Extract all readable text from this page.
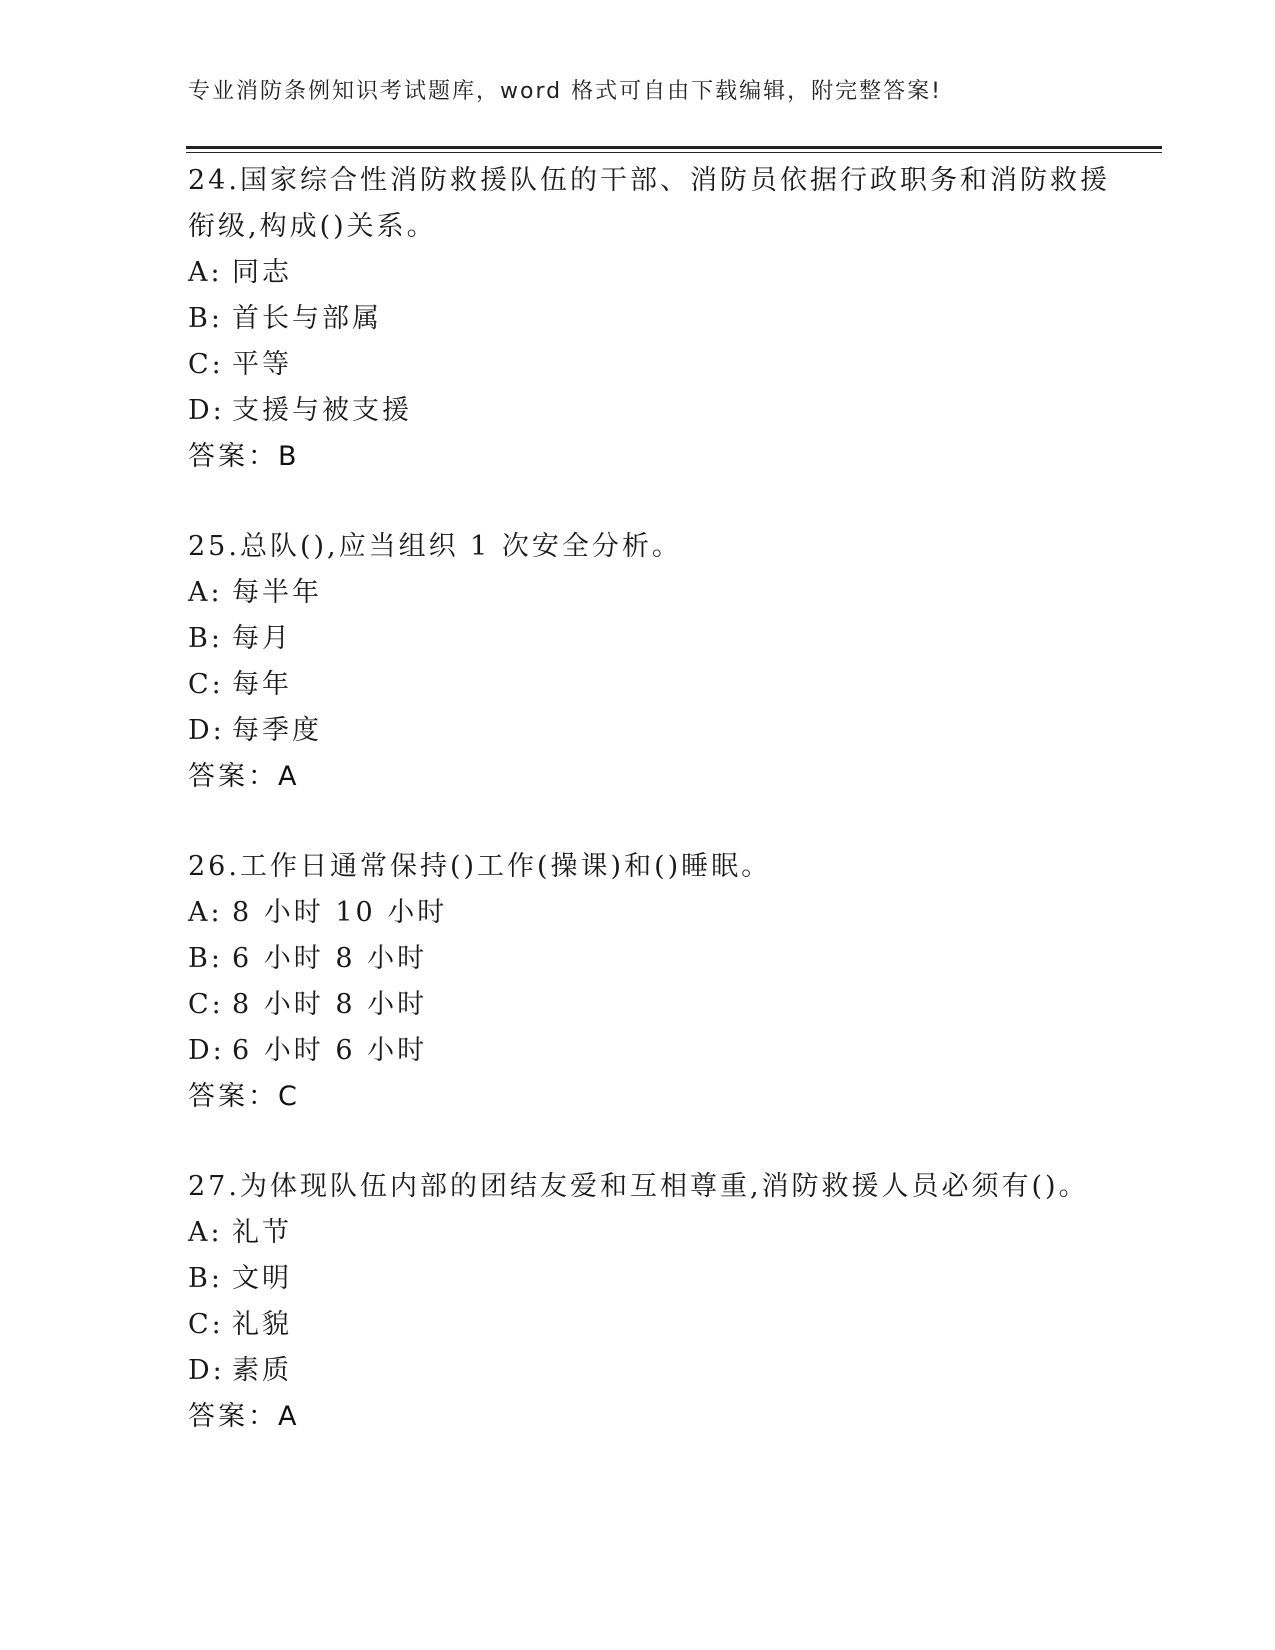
专业消防条例知识考试题库，word 格式可自由下载编辑，附完整答案!

24.国家综合性消防救援队伍的干部、消防员依据行政职务和消防救援衔级,构成()关系。

A: 同志
B: 首长与部属
C: 平等
D: 支援与被支援
答案：B

25.总队(),应当组织 1 次安全分析。

A: 每半年
B: 每月
C: 每年
D: 每季度
答案：A

26.工作日通常保持()工作(操课)和()睡眠。

A: 8 小时 10 小时
B: 6 小时 8 小时
C: 8 小时 8 小时
D: 6 小时 6 小时
答案：C

27.为体现队伍内部的团结友爱和互相尊重,消防救援人员必须有()。

A: 礼节
B: 文明
C: 礼貌
D: 素质
答案：A
